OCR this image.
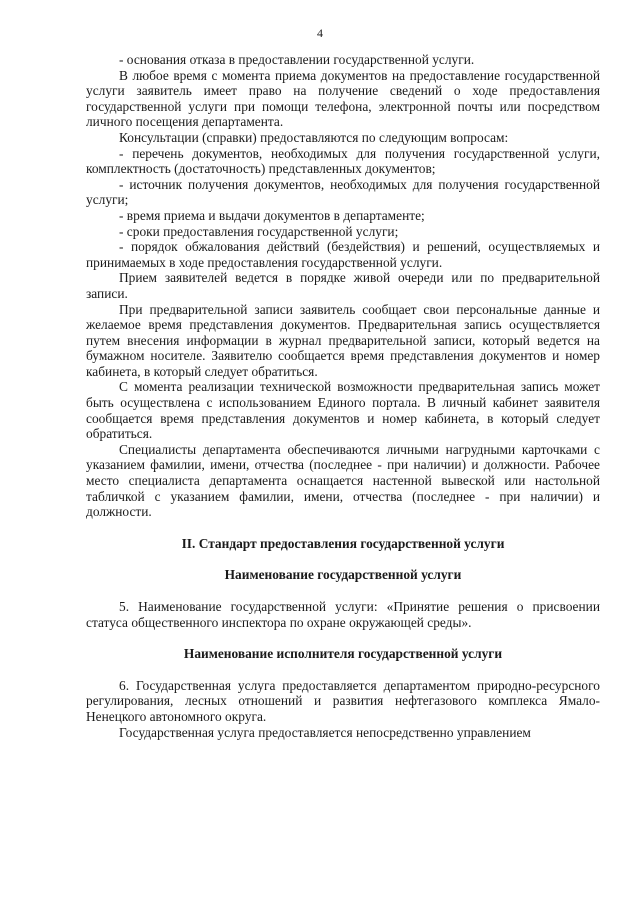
4

- основания отказа в предоставлении государственной услуги.

В любое время с момента приема документов на предоставление государственной услуги заявитель имеет право на получение сведений о ходе предоставления государственной услуги при помощи телефона, электронной почты или посредством личного посещения департамента.

Консультации (справки) предоставляются по следующим вопросам:

- перечень документов, необходимых для получения государственной услуги, комплектность (достаточность) представленных документов;

- источник получения документов, необходимых для получения государственной услуги;

- время приема и выдачи документов в департаменте;

- сроки предоставления государственной услуги;

- порядок обжалования действий (бездействия) и решений, осуществляемых и принимаемых в ходе предоставления государственной услуги.

Прием заявителей ведется в порядке живой очереди или по предварительной записи.

При предварительной записи заявитель сообщает свои персональные данные и желаемое время представления документов. Предварительная запись осуществляется путем внесения информации в журнал предварительной записи, который ведется на бумажном носителе. Заявителю сообщается время представления документов и номер кабинета, в который следует обратиться.

С момента реализации технической возможности предварительная запись может быть осуществлена с использованием Единого портала. В личный кабинет заявителя сообщается время представления документов и номер кабинета, в который следует обратиться.

Специалисты департамента обеспечиваются личными нагрудными карточками с указанием фамилии, имени, отчества (последнее - при наличии) и должности. Рабочее место специалиста департамента оснащается настенной вывеской или настольной табличкой с указанием фамилии, имени, отчества (последнее - при наличии) и должности.

II. Стандарт предоставления государственной услуги

Наименование государственной услуги

5. Наименование государственной услуги: «Принятие решения о присвоении статуса общественного инспектора по охране окружающей среды».

Наименование исполнителя государственной услуги

6. Государственная услуга предоставляется департаментом природно-ресурсного регулирования, лесных отношений и развития нефтегазового комплекса Ямало-Ненецкого автономного округа.

Государственная услуга предоставляется непосредственно управлением
